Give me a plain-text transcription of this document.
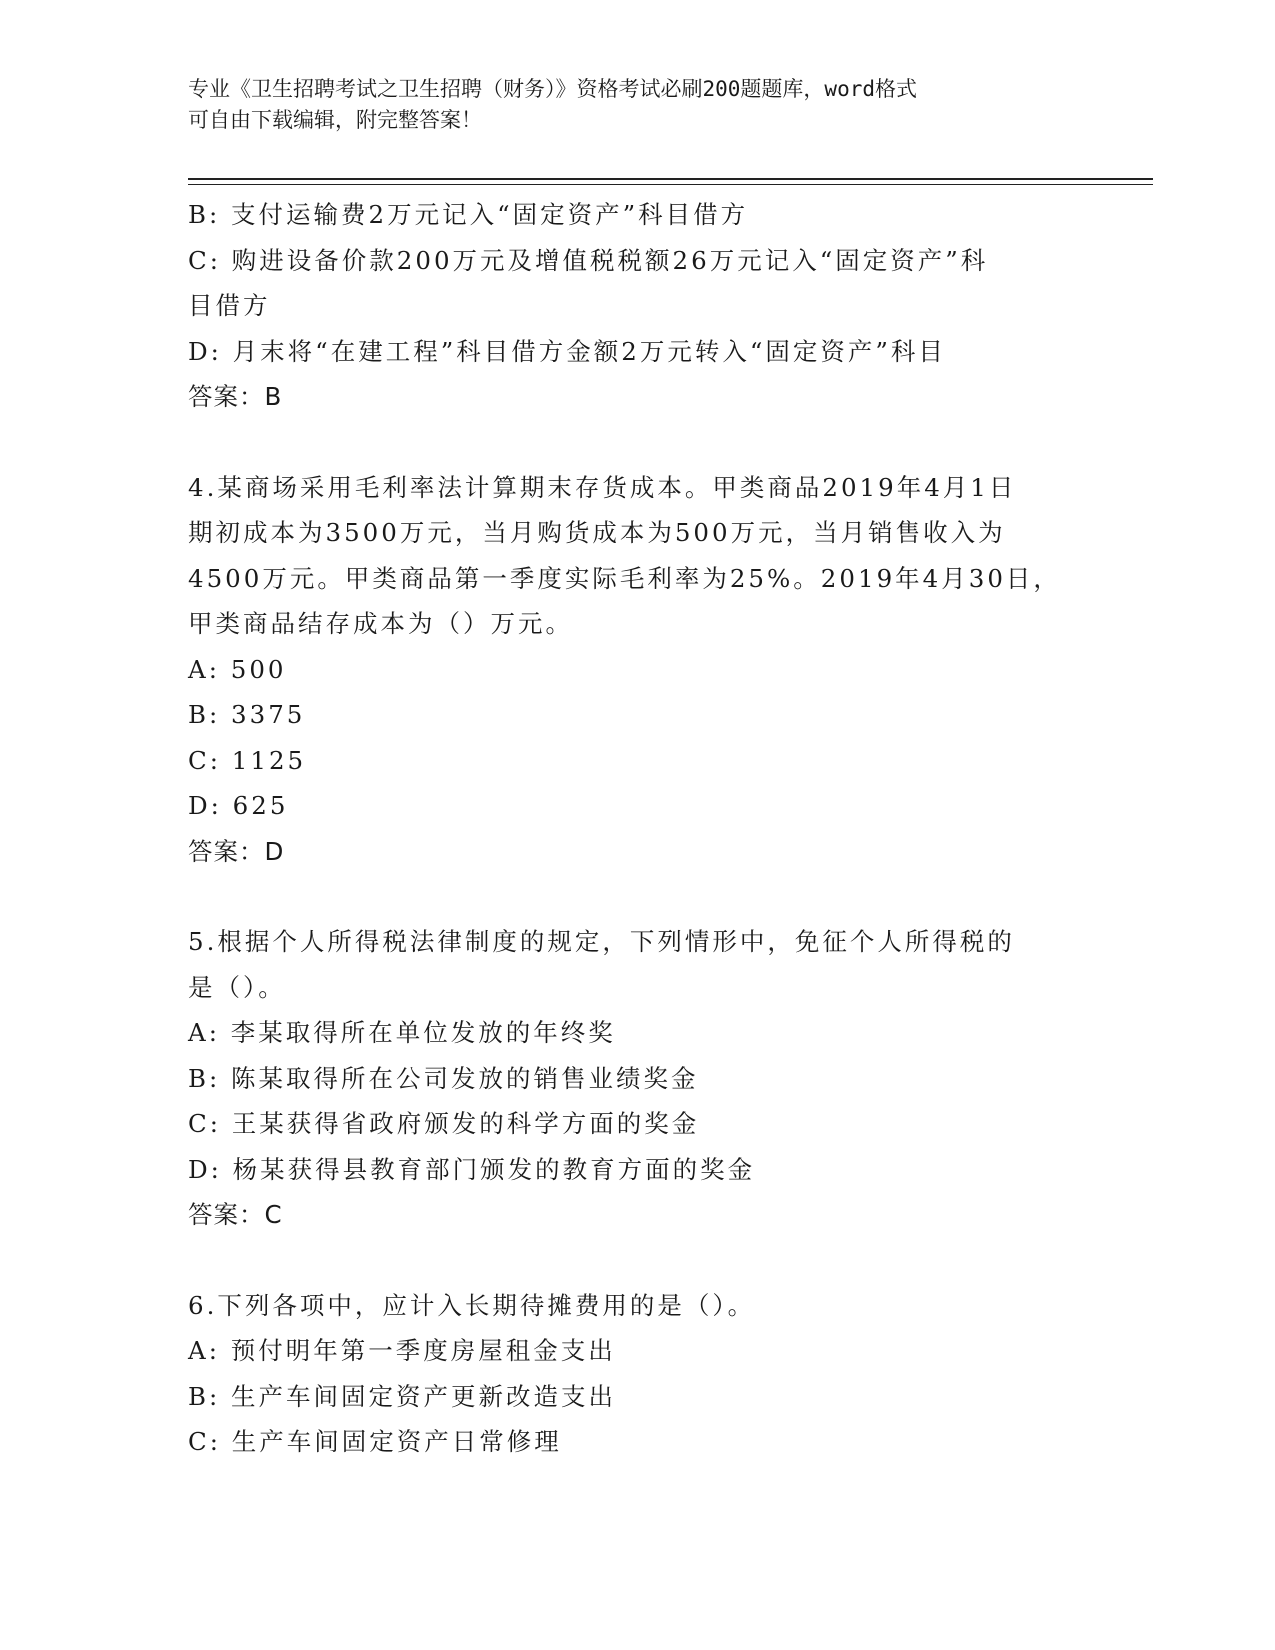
专业《卫生招聘考试之卫生招聘（财务）》资格考试必刷200题题库，word格式
可自由下载编辑，附完整答案！

B: 支付运输费2万元记入“固定资产”科目借方

C: 购进设备价款200万元及增值税税额26万元记入“固定资产”科

目借方

D: 月末将“在建工程”科目借方金额2万元转入“固定资产”科目

答案：B

4.某商场采用毛利率法计算期末存货成本。甲类商品2019年4月1日

期初成本为3500万元，当月购货成本为500万元，当月销售收入为

4500万元。甲类商品第一季度实际毛利率为25%。2019年4月30日，

甲类商品结存成本为（）万元。

A: 500

B: 3375

C: 1125

D: 625

答案：D

5.根据个人所得税法律制度的规定，下列情形中，免征个人所得税的

是（）。

A: 李某取得所在单位发放的年终奖

B: 陈某取得所在公司发放的销售业绩奖金

C: 王某获得省政府颁发的科学方面的奖金

D: 杨某获得县教育部门颁发的教育方面的奖金

答案：C

6.下列各项中，应计入长期待摊费用的是（）。

A: 预付明年第一季度房屋租金支出

B: 生产车间固定资产更新改造支出

C: 生产车间固定资产日常修理
